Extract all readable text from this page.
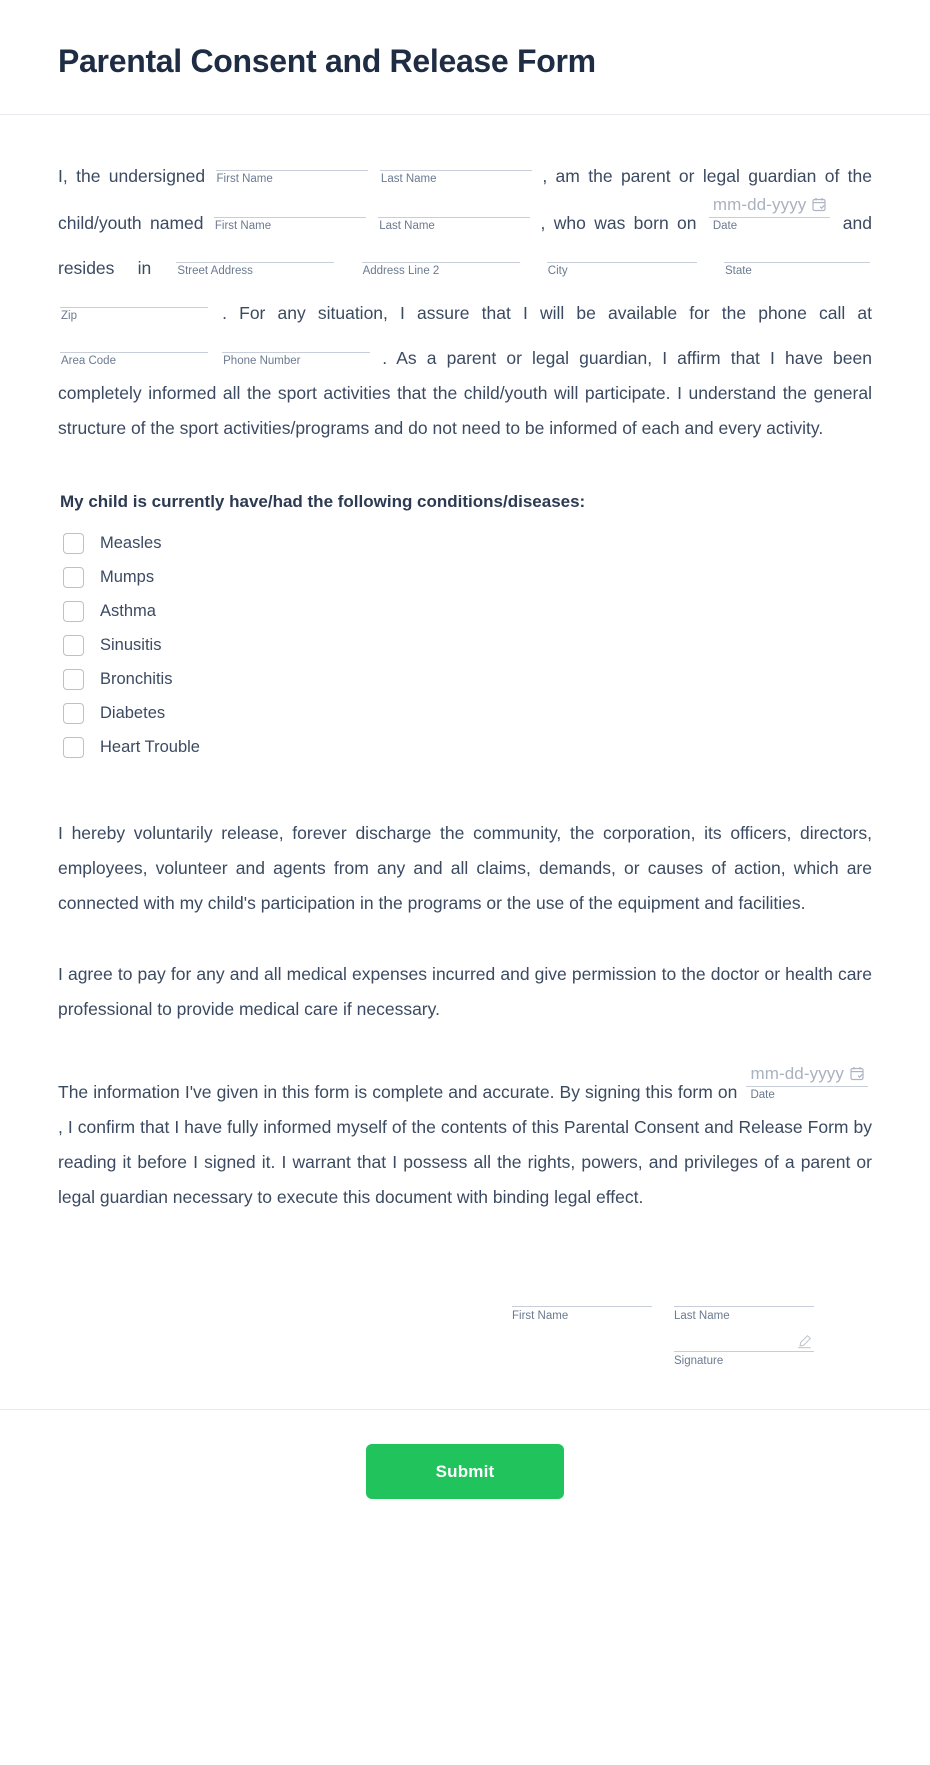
Parental Consent and Release Form
I, the undersigned First Name
	Last Name	, am the parent or legal guardian of the child/youth named First Name
	Last Name	, who was born on
mm-dd-yyyy
Date	and resides in Street Address
	Address Line 2
	City
	State

Zip	. For any situation, I assure that I will be available for the phone call at
Area Code
	Phone Number	. As a parent or legal guardian, I affirm that I have been completely informed all the sport activities that the child/youth will participate. I understand the general structure of the sport activities/programs and do not need to be informed of each and every activity.
My child is currently have/had the following conditions/diseases:
Measles
Mumps
Asthma
Sinusitis
Bronchitis
Diabetes
Heart Trouble

I hereby voluntarily release, forever discharge the community, the corporation, its officers, directors, employees, volunteer and agents from any and all claims, demands, or causes of action, which are connected with my child's participation in the programs or the use of the equipment and facilities.

I agree to pay for any and all medical expenses incurred and give permission to the doctor or health care professional to provide medical care if necessary.

The information I've given in this form is complete and accurate. By signing this form on
mm-dd-yyyy
Date
, I confirm that I have fully informed myself of the contents of this Parental Consent and Release Form by reading it before I signed it. I warrant that I possess all the rights, powers, and privileges of a parent or legal guardian necessary to execute this document with binding legal effect.
First Name	Last Name
Signature
Submit
